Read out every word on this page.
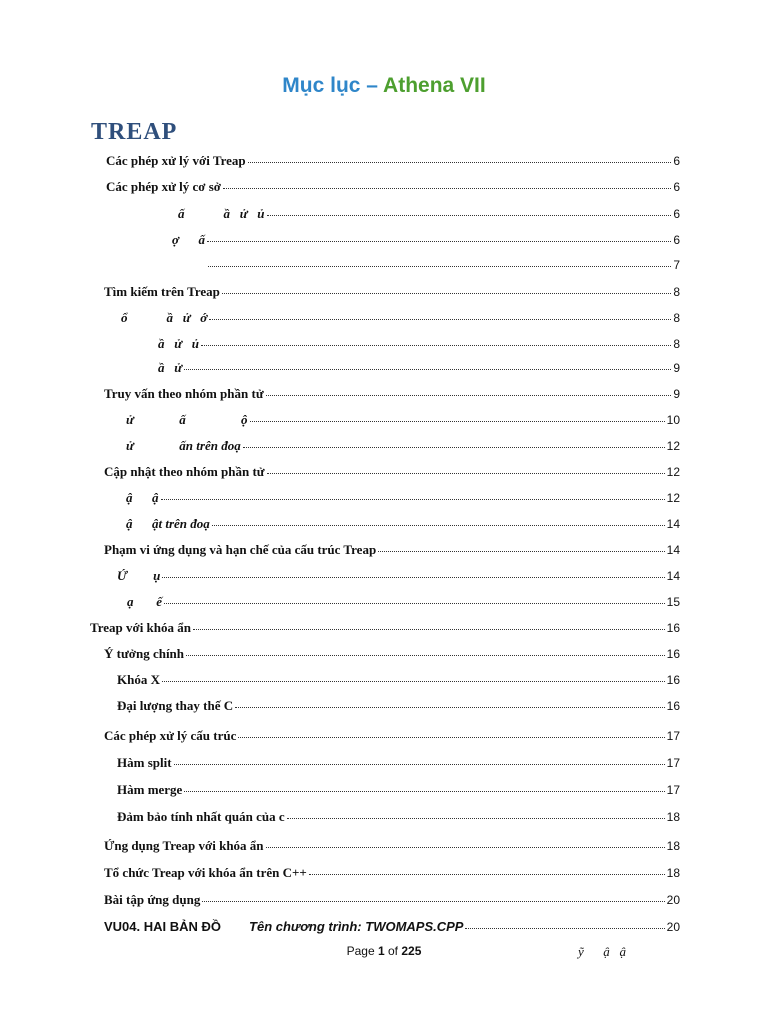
Mục lục – Athena VII
TREAP
Các phép xử lý với Treap	6
Các phép xử lý cơ sở	6
ấ            ầ   ử   ủ	6
ợ      ấ	6
7
Tìm kiếm trên Treap	8
ổ            ầ   ử   ớ	8
ầ   ử   ủ	8
ầ   ử	9
Truy vấn theo nhóm phần tử	9
ử              ấ                 ộ	10
ử              ấn trên đoạ	12
Cập nhật theo nhóm phần tử	12
ậ      ậ	12
ậ      ật trên đoạ	14
Phạm vi ứng dụng và hạn chế của cấu trúc Treap	14
Ứ        ụ	14
ạ       ế	15
Treap với khóa ẩn	16
Ý tưởng chính	16
Khóa X	16
Đại lượng thay thế C	16
Các phép xử lý cấu trúc	17
Hàm split	17
Hàm merge	17
Đảm bảo tính nhất quán của c	18
Ứng dụng Treap với khóa ẩn	18
Tổ chức Treap với khóa ẩn trên C++	18
Bài tập ứng dụng	20
VU04. HAI BẢN ĐỒ Tên chương trình: TWOMAPS.CPP	20
Page 1 of 225	ỹ      ậ   ậ
